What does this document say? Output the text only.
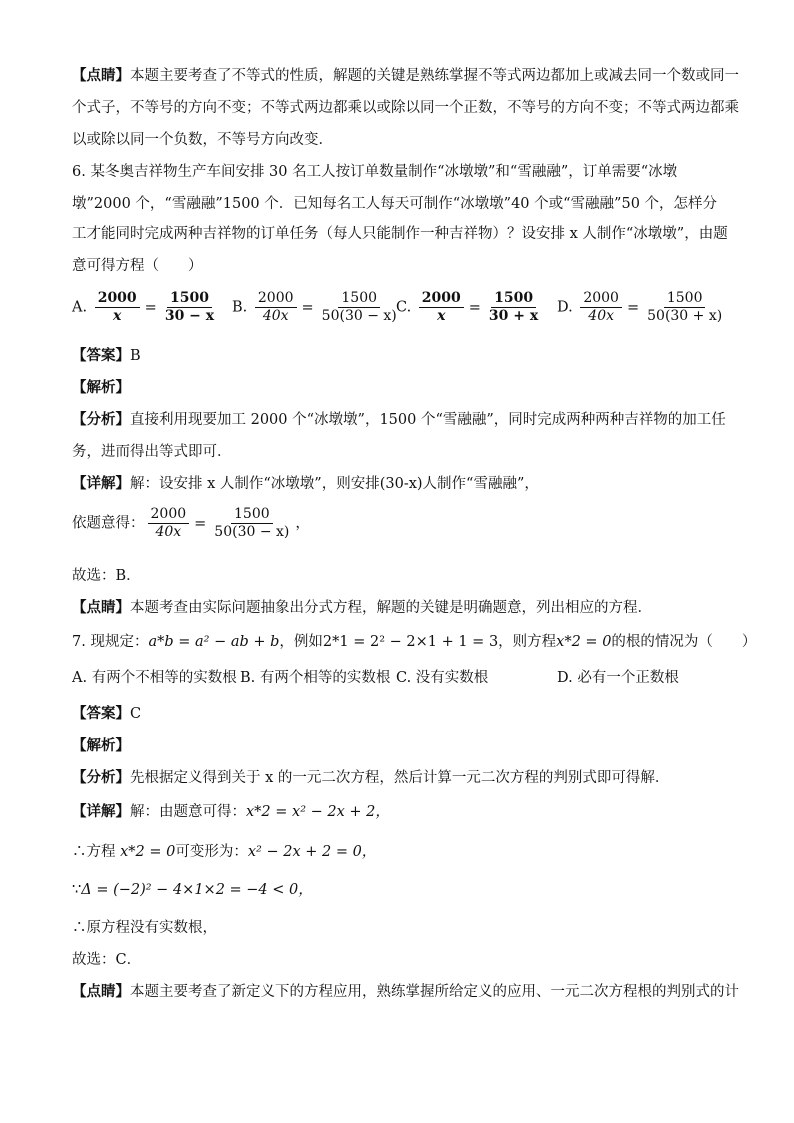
【点睛】本题主要考查了不等式的性质，解题的关键是熟练掌握不等式两边都加上或减去同一个数或同一
个式子，不等号的方向不变；不等式两边都乘以或除以同一个正数，不等号的方向不变；不等式两边都乘
以或除以同一个负数，不等号方向改变．
6. 某冬奥吉祥物生产车间安排 30 名工人按订单数量制作“冰墩墩”和“雪融融”，订单需要“冰墩
墩”2000 个，“雪融融”1500 个．已知每名工人每天可制作“冰墩墩”40 个或“雪融融”50 个，怎样分
工才能同时完成两种吉祥物的订单任务（每人只能制作一种吉祥物）？设安排 x 人制作“冰墩墩”，由题
意可得方程（　　）
A. $\frac{2000}{x} = \frac{1500}{30 - x} B$. $\frac{2000}{40x} = \frac{1500}{50(30 - x)}$
C. $\frac{2000}{x} = \frac{1500}{30 + x} D$. $\frac{2000}{40x} = \frac{1500}{50(30 + x)}$
【答案】B
【解析】
【分析】直接利用现要加工 2000 个“冰墩墩”，1500 个“雪融融”，同时完成两种两种吉祥物的加工任
务，进而得出等式即可．
【详解】解：设安排 x 人制作“冰墩墩”，则安排(30-x)人制作“雪融融”，
依题意得： $\frac{2000}{40x} = \frac{1500}{50(30 - x)}$ ，
故选：B．
【点睛】本题考查由实际问题抽象出分式方程，解题的关键是明确题意，列出相应的方程．
7. 现规定：a*b = a² − ab + b，例如2*1 = 2² − 2×1 + 1 = 3，则方程x*2 = 0的根的情况为（　　）
A. 有两个不相等的实数根 B. 有两个相等的实数根 C. 没有实数根	D. 必有一个正数根
【答案】C
【解析】
【分析】先根据定义得到关于 x 的一元二次方程，然后计算一元二次方程的判别式即可得解．
【详解】解：由题意可得：x*2 = x² − 2x + 2，
∴方程 x*2 = 0可变形为：x² − 2x + 2 = 0，
∵Δ = (−2)² − 4×1×2 = −4 < 0，
∴原方程没有实数根，
故选：C．
【点睛】本题主要考查了新定义下的方程应用，熟练掌握所给定义的应用、一元二次方程根的判别式的计
